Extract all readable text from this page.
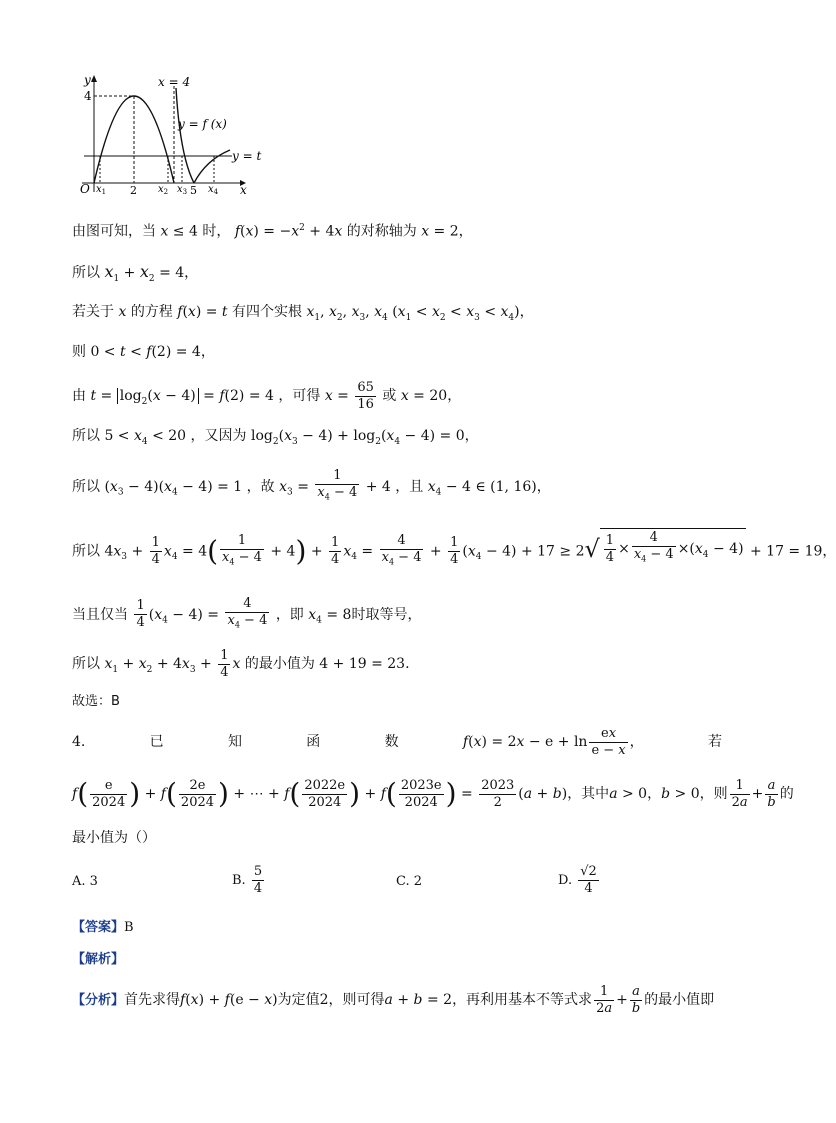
y
x
O
4
2	5
$x_1$	$x_2$ $x_3$ $x_4$
x = 4
y = f (x)
y = t
由图可知，当 x ≤ 4 时， $f(x) = -x^2 + 4x$ 的对称轴为 x = 2，
所以 $x_1 + x_2 = 4$，
若关于 x 的方程 f(x) = t 有四个实根 $x_1$, $x_2$, $x_3$, $x_4$ $(x_1 < x_2 < x_3 < x_4)$，
则 0 < t < f(2) = 4，
由 $t = \log_2(x - 4) = f(2) = 4$ ，可得 $x = \frac{65}{16}$ 或 x = 20，
所以 $5 < x_4 < 20$ ，又因为 $\log_2(x_3 - 4) + \log_2(x_4 - 4) = 0$，
所以 $(x_3 - 4)(x_4 - 4) = 1$ ，故 $x_3 = \frac{1}{x_4 - 4} + 4$ ，且 $x_4 - 4$ ∈ (1, 16)，
所以 $4x_3 + \frac{1}{4} x_4 = 4( \frac{1}{x_4 - 4} + 4) + \frac{1}{4} x_4 = \frac{4}{x_4 - 4} + \frac{1}{4} (x_4 - 4) + 17 \ge 2√ \frac{1}{4} \times \frac{4}{x_4 - 4} \times(x_4 - 4) + 17 = 19$，
当且仅当 $\frac{1}{4} (x_4 - 4) = \frac{4}{x_4 - 4}$ ，即 $x_4 = 8$时取等号，
所以 $x_1 + x_2 + 4x_3 + \frac{1}{4}$ x 的最小值为 4 + 19 = 23.
故选：B
4.	已	知	函	数	$f(x) = 2x - e + \ln \frac{ex}{e - x}$ ，	若
$f( \frac{e}{2024}$ ) + $f( \frac{2e}{2024}$ ) + ⋯ + $f( \frac{2022e}{2024}$ ) + $f( \frac{2023e}{2024}$ ) = $\frac{2023}{2} (a + b)$，其中a > 0，b > 0，则 $\frac{1}{2a} + \frac{a}{b}$ 的
最小值为（）
A. 3	B. $\frac{5}{4}$	C. 2	D. $\frac{√2}{4}$
【答案】B
【解析】
【分析】首先求得f(x) + f(e − x)为定值2，则可得a + b = 2，再利用基本不等式求 $\frac{1}{2a} + \frac{a}{b}$ 的最小值即
